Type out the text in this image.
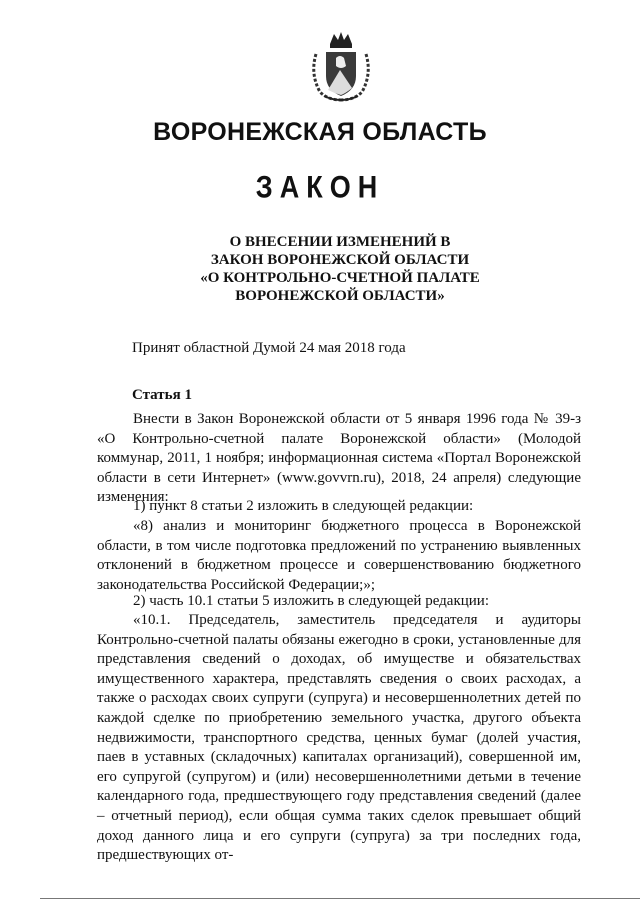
ВОРОНЕЖСКАЯ ОБЛАСТЬ
ЗАКОН
О ВНЕСЕНИИ ИЗМЕНЕНИЙ В
ЗАКОН ВОРОНЕЖСКОЙ ОБЛАСТИ
«О КОНТРОЛЬНО-СЧЕТНОЙ ПАЛАТЕ
ВОРОНЕЖСКОЙ ОБЛАСТИ»
Принят областной Думой 24 мая 2018 года
Статья 1

Внести в Закон Воронежской области от 5 января 1996 года № 39-з «О Контрольно-счетной палате Воронежской области» (Молодой коммунар, 2011, 1 ноября; информационная система «Портал Воронежской области в сети Интернет» (www.govvrn.ru), 2018, 24 апреля) следующие изменения:

1) пункт 8 статьи 2 изложить в следующей редакции:

«8) анализ и мониторинг бюджетного процесса в Воронежской области, в том числе подготовка предложений по устранению выявленных отклонений в бюджетном процессе и совершенствованию бюджетного законодательства Российской Федерации;»;

2) часть 10.1 статьи 5 изложить в следующей редакции:

«10.1. Председатель, заместитель председателя и аудиторы Контрольно-счетной палаты обязаны ежегодно в сроки, установленные для представления сведений о доходах, об имуществе и обязательствах имущественного характера, представлять сведения о своих расходах, а также о расходах своих супруги (супруга) и несовершеннолетних детей по каждой сделке по приобретению земельного участка, другого объекта недвижимости, транспортного средства, ценных бумаг (долей участия, паев в уставных (складочных) капиталах организаций), совершенной им, его супругой (супругом) и (или) несовершеннолетними детьми в течение календарного года, предшествующего году представления сведений (далее – отчетный период), если общая сумма таких сделок превышает общий доход данного лица и его супруги (супруга) за три последних года, предшествующих от-
